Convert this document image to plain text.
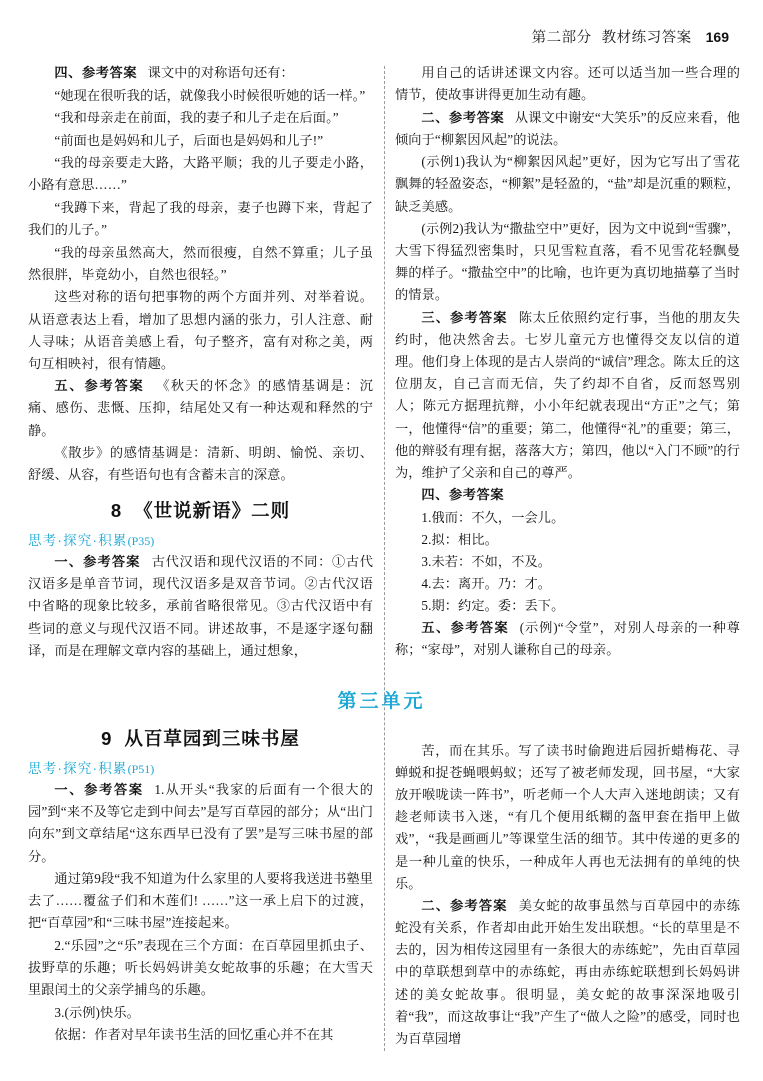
第二部分 教材练习答案 169

四、参考答案 课文中的对称语句还有：

“她现在很听我的话，就像我小时候很听她的话一样。”

“我和母亲走在前面，我的妻子和儿子走在后面。”

“前面也是妈妈和儿子，后面也是妈妈和儿子!”

“我的母亲要走大路，大路平顺；我的儿子要走小路，小路有意思……”

“我蹲下来，背起了我的母亲，妻子也蹲下来，背起了我们的儿子。”

“我的母亲虽然高大，然而很瘦，自然不算重；儿子虽然很胖，毕竟幼小，自然也很轻。”

这些对称的语句把事物的两个方面并列、对举着说。从语意表达上看，增加了思想内涵的张力，引人注意、耐人寻味；从语音美感上看，句子整齐，富有对称之美，两句互相映衬，很有情趣。

五、参考答案 《秋天的怀念》的感情基调是：沉痛、感伤、悲慨、压抑，结尾处又有一种达观和释然的宁静。

《散步》的感情基调是：清新、明朗、愉悦、亲切、舒缓、从容，有些语句也有含蓄未言的深意。

8 《世说新语》二则
思考·探究·积累(P35)

一、参考答案 古代汉语和现代汉语的不同：①古代汉语多是单音节词，现代汉语多是双音节词。②古代汉语中省略的现象比较多，承前省略很常见。③古代汉语中有些词的意义与现代汉语不同。讲述故事，不是逐字逐句翻译，而是在理解文章内容的基础上，通过想象，

9 从百草园到三味书屋
思考·探究·积累(P51)

一、参考答案 1.从开头“我家的后面有一个很大的园”到“来不及等它走到中间去”是写百草园的部分；从“出门向东”到文章结尾“这东西早已没有了罢”是写三味书屋的部分。

通过第9段“我不知道为什么家里的人要将我送进书塾里去了……覆盆子们和木莲们! ……”这一承上启下的过渡，把“百草园”和“三味书屋”连接起来。

2.“乐园”之“乐”表现在三个方面：在百草园里抓虫子、拔野草的乐趣；听长妈妈讲美女蛇故事的乐趣；在大雪天里跟闰土的父亲学捕鸟的乐趣。

3.(示例)快乐。

依据：作者对早年读书生活的回忆重心并不在其

用自己的话讲述课文内容。还可以适当加一些合理的情节，使故事讲得更加生动有趣。

二、参考答案 从课文中谢安“大笑乐”的反应来看，他倾向于“柳絮因风起”的说法。

(示例1)我认为“柳絮因风起”更好，因为它写出了雪花飘舞的轻盈姿态，“柳絮”是轻盈的，“盐”却是沉重的颗粒，缺乏美感。

(示例2)我认为“撒盐空中”更好，因为文中说到“雪骤”，大雪下得猛烈密集时，只见雪粒直落，看不见雪花轻飘曼舞的样子。“撒盐空中”的比喻，也许更为真切地描摹了当时的情景。

三、参考答案 陈太丘依照约定行事，当他的朋友失约时，他决然舍去。七岁儿童元方也懂得交友以信的道理。他们身上体现的是古人崇尚的“诚信”理念。陈太丘的这位朋友，自己言而无信，失了约却不自省，反而怒骂别人；陈元方据理抗辩，小小年纪就表现出“方正”之气；第一，他懂得“信”的重要；第二，他懂得“礼”的重要；第三，他的辩驳有理有据，落落大方；第四，他以“入门不顾”的行为，维护了父亲和自己的尊严。

四、参考答案

1.俄而：不久，一会儿。

2.拟：相比。

3.未若：不如，不及。

4.去：离开。乃：才。

5.期：约定。委：丢下。

五、参考答案 (示例)“令堂”，对别人母亲的一种尊称；“家母”，对别人谦称自己的母亲。

苦，而在其乐。写了读书时偷跑进后园折蜡梅花、寻蝉蜕和捉苍蝇喂蚂蚁；还写了被老师发现，回书屋，“大家放开喉咙读一阵书”，听老师一个人大声入迷地朗读；又有趁老师读书入迷，“有几个便用纸糊的盔甲套在指甲上做戏”，“我是画画儿”等课堂生活的细节。其中传递的更多的是一种儿童的快乐，一种成年人再也无法拥有的单纯的快乐。

二、参考答案 美女蛇的故事虽然与百草园中的赤练蛇没有关系，作者却由此开始生发出联想。“长的草里是不去的，因为相传这园里有一条很大的赤练蛇”，先由百草园中的草联想到草中的赤练蛇，再由赤练蛇联想到长妈妈讲述的美女蛇故事。很明显，美女蛇的故事深深地吸引着“我”，而这故事让“我”产生了“做人之险”的感受，同时也为百草园增

第三单元
